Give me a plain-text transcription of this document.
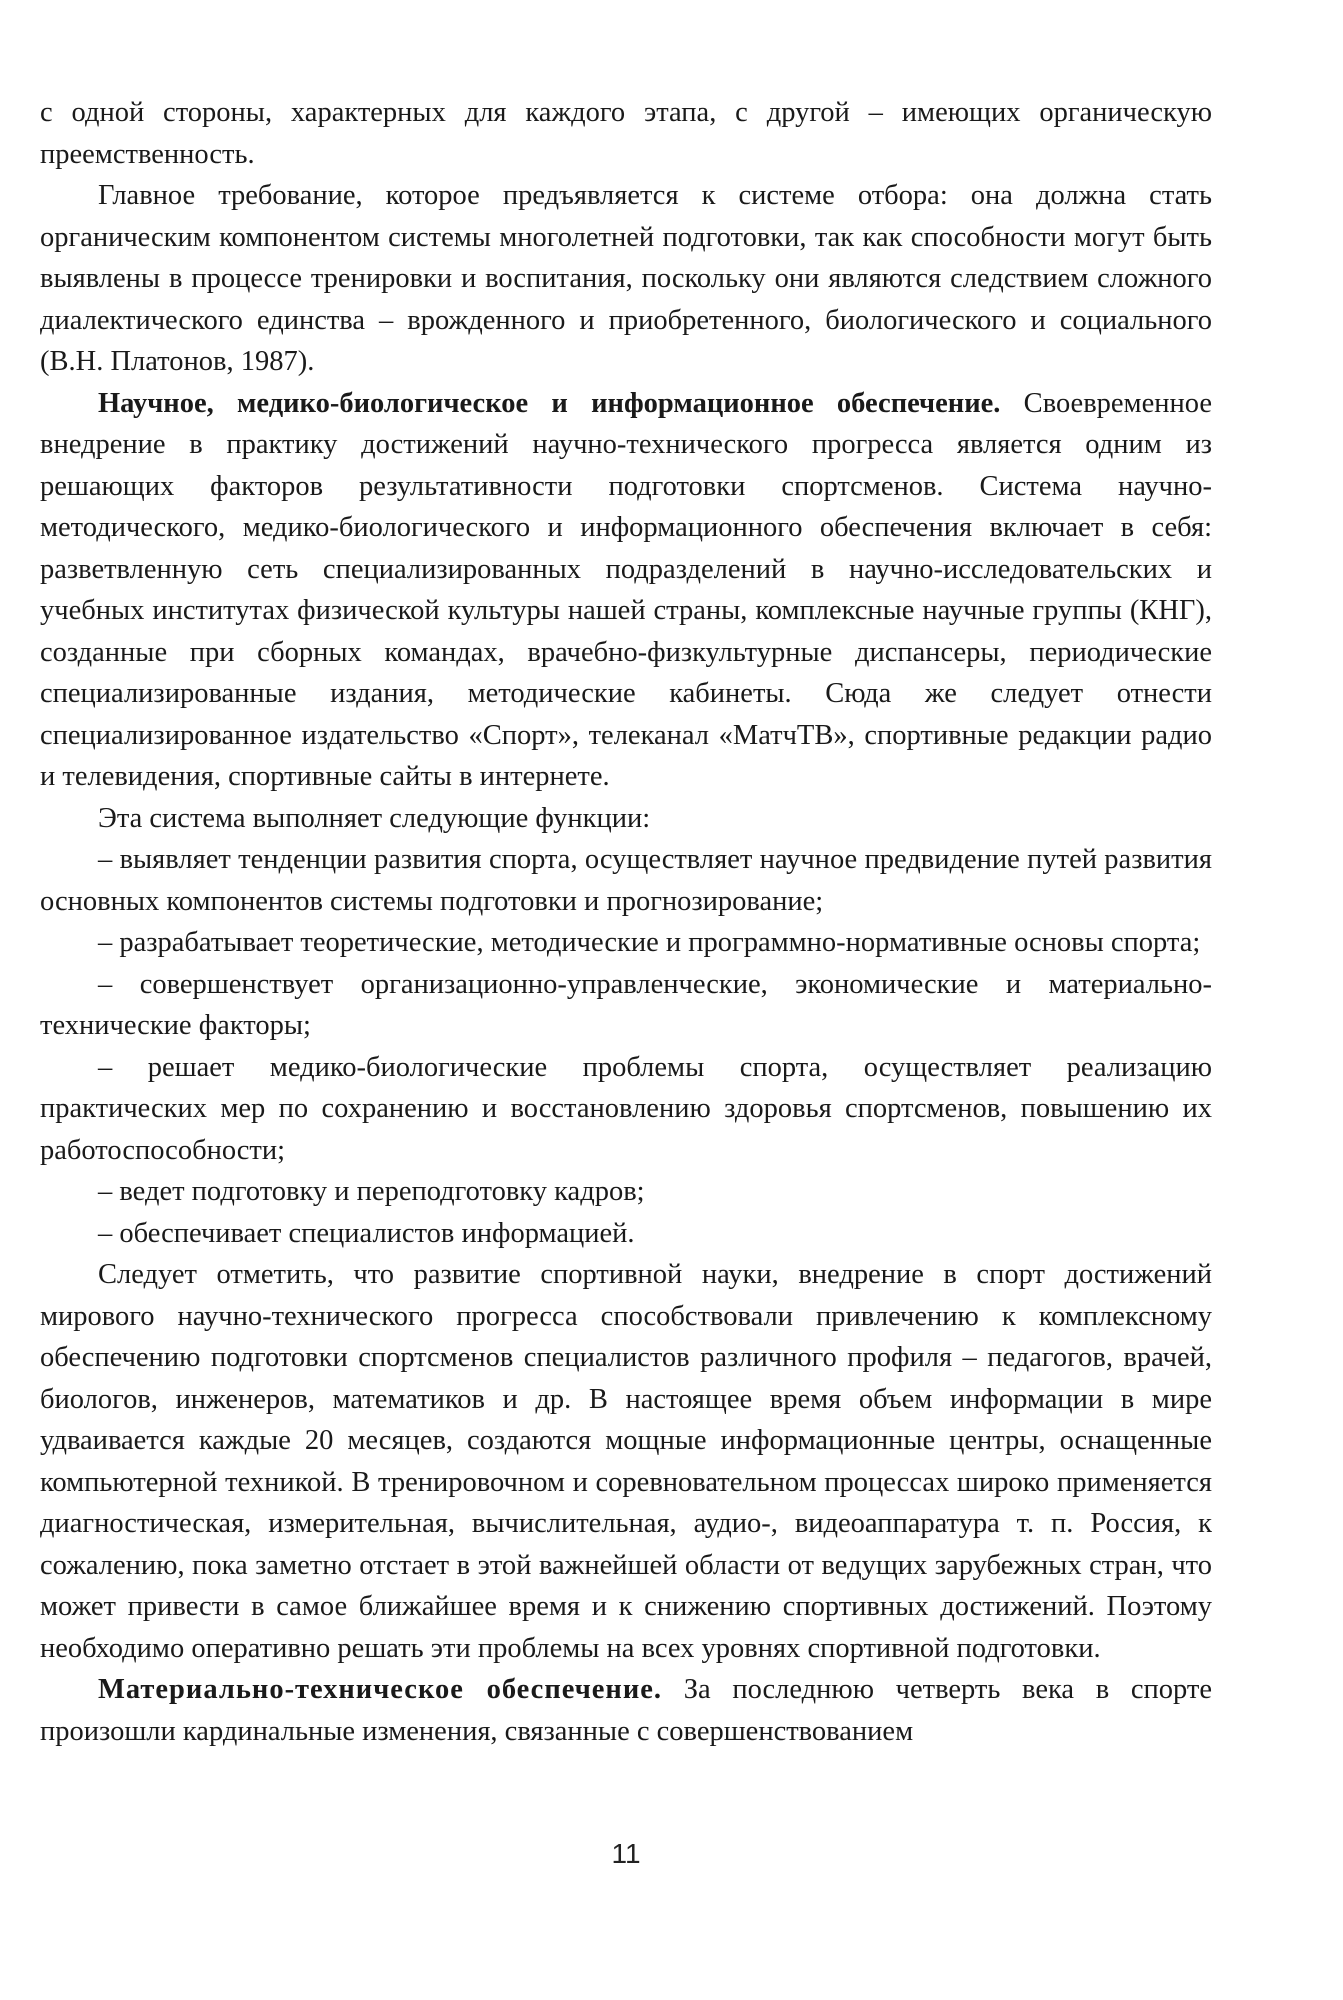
с одной стороны, характерных для каждого этапа, с другой – имеющих органическую преемственность.

Главное требование, которое предъявляется к системе отбора: она должна стать органическим компонентом системы многолетней подготовки, так как способности могут быть выявлены в процессе тренировки и воспитания, поскольку они являются следствием сложного диалектического единства – врожденного и приобретенного, биологического и социального (В.Н. Платонов, 1987).

Научное, медико-биологическое и информационное обеспечение. Своевременное внедрение в практику достижений научно-технического прогресса является одним из решающих факторов результативности подготовки спортсменов. Система научно-методического, медико-биологического и информационного обеспечения включает в себя: разветвленную сеть специализированных подразделений в научно-исследовательских и учебных институтах физической культуры нашей страны, комплексные научные группы (КНГ), созданные при сборных командах, врачебно-физкультурные диспансеры, периодические специализированные издания, методические кабинеты. Сюда же следует отнести специализированное издательство «Спорт», телеканал «МатчТВ», спортивные редакции радио и телевидения, спортивные сайты в интернете.

Эта система выполняет следующие функции:

– выявляет тенденции развития спорта, осуществляет научное предвидение путей развития основных компонентов системы подготовки и прогнозирование;

– разрабатывает теоретические, методические и программно-нормативные основы спорта;

– совершенствует организационно-управленческие, экономические и материально-технические факторы;

– решает медико-биологические проблемы спорта, осуществляет реализацию практических мер по сохранению и восстановлению здоровья спортсменов, повышению их работоспособности;

– ведет подготовку и переподготовку кадров;

– обеспечивает специалистов информацией.

Следует отметить, что развитие спортивной науки, внедрение в спорт достижений мирового научно-технического прогресса способствовали привлечению к комплексному обеспечению подготовки спортсменов специалистов различного профиля – педагогов, врачей, биологов, инженеров, математиков и др. В настоящее время объем информации в мире удваивается каждые 20 месяцев, создаются мощные информационные центры, оснащенные компьютерной техникой. В тренировочном и соревновательном процессах широко применяется диагностическая, измерительная, вычислительная, аудио-, видеоаппаратура т. п. Россия, к сожалению, пока заметно отстает в этой важнейшей области от ведущих зарубежных стран, что может привести в самое ближайшее время и к снижению спортивных достижений. Поэтому необходимо оперативно решать эти проблемы на всех уровнях спортивной подготовки.

Материально-техническое обеспечение. За последнюю четверть века в спорте произошли кардинальные изменения, связанные с совершенствованием

11
